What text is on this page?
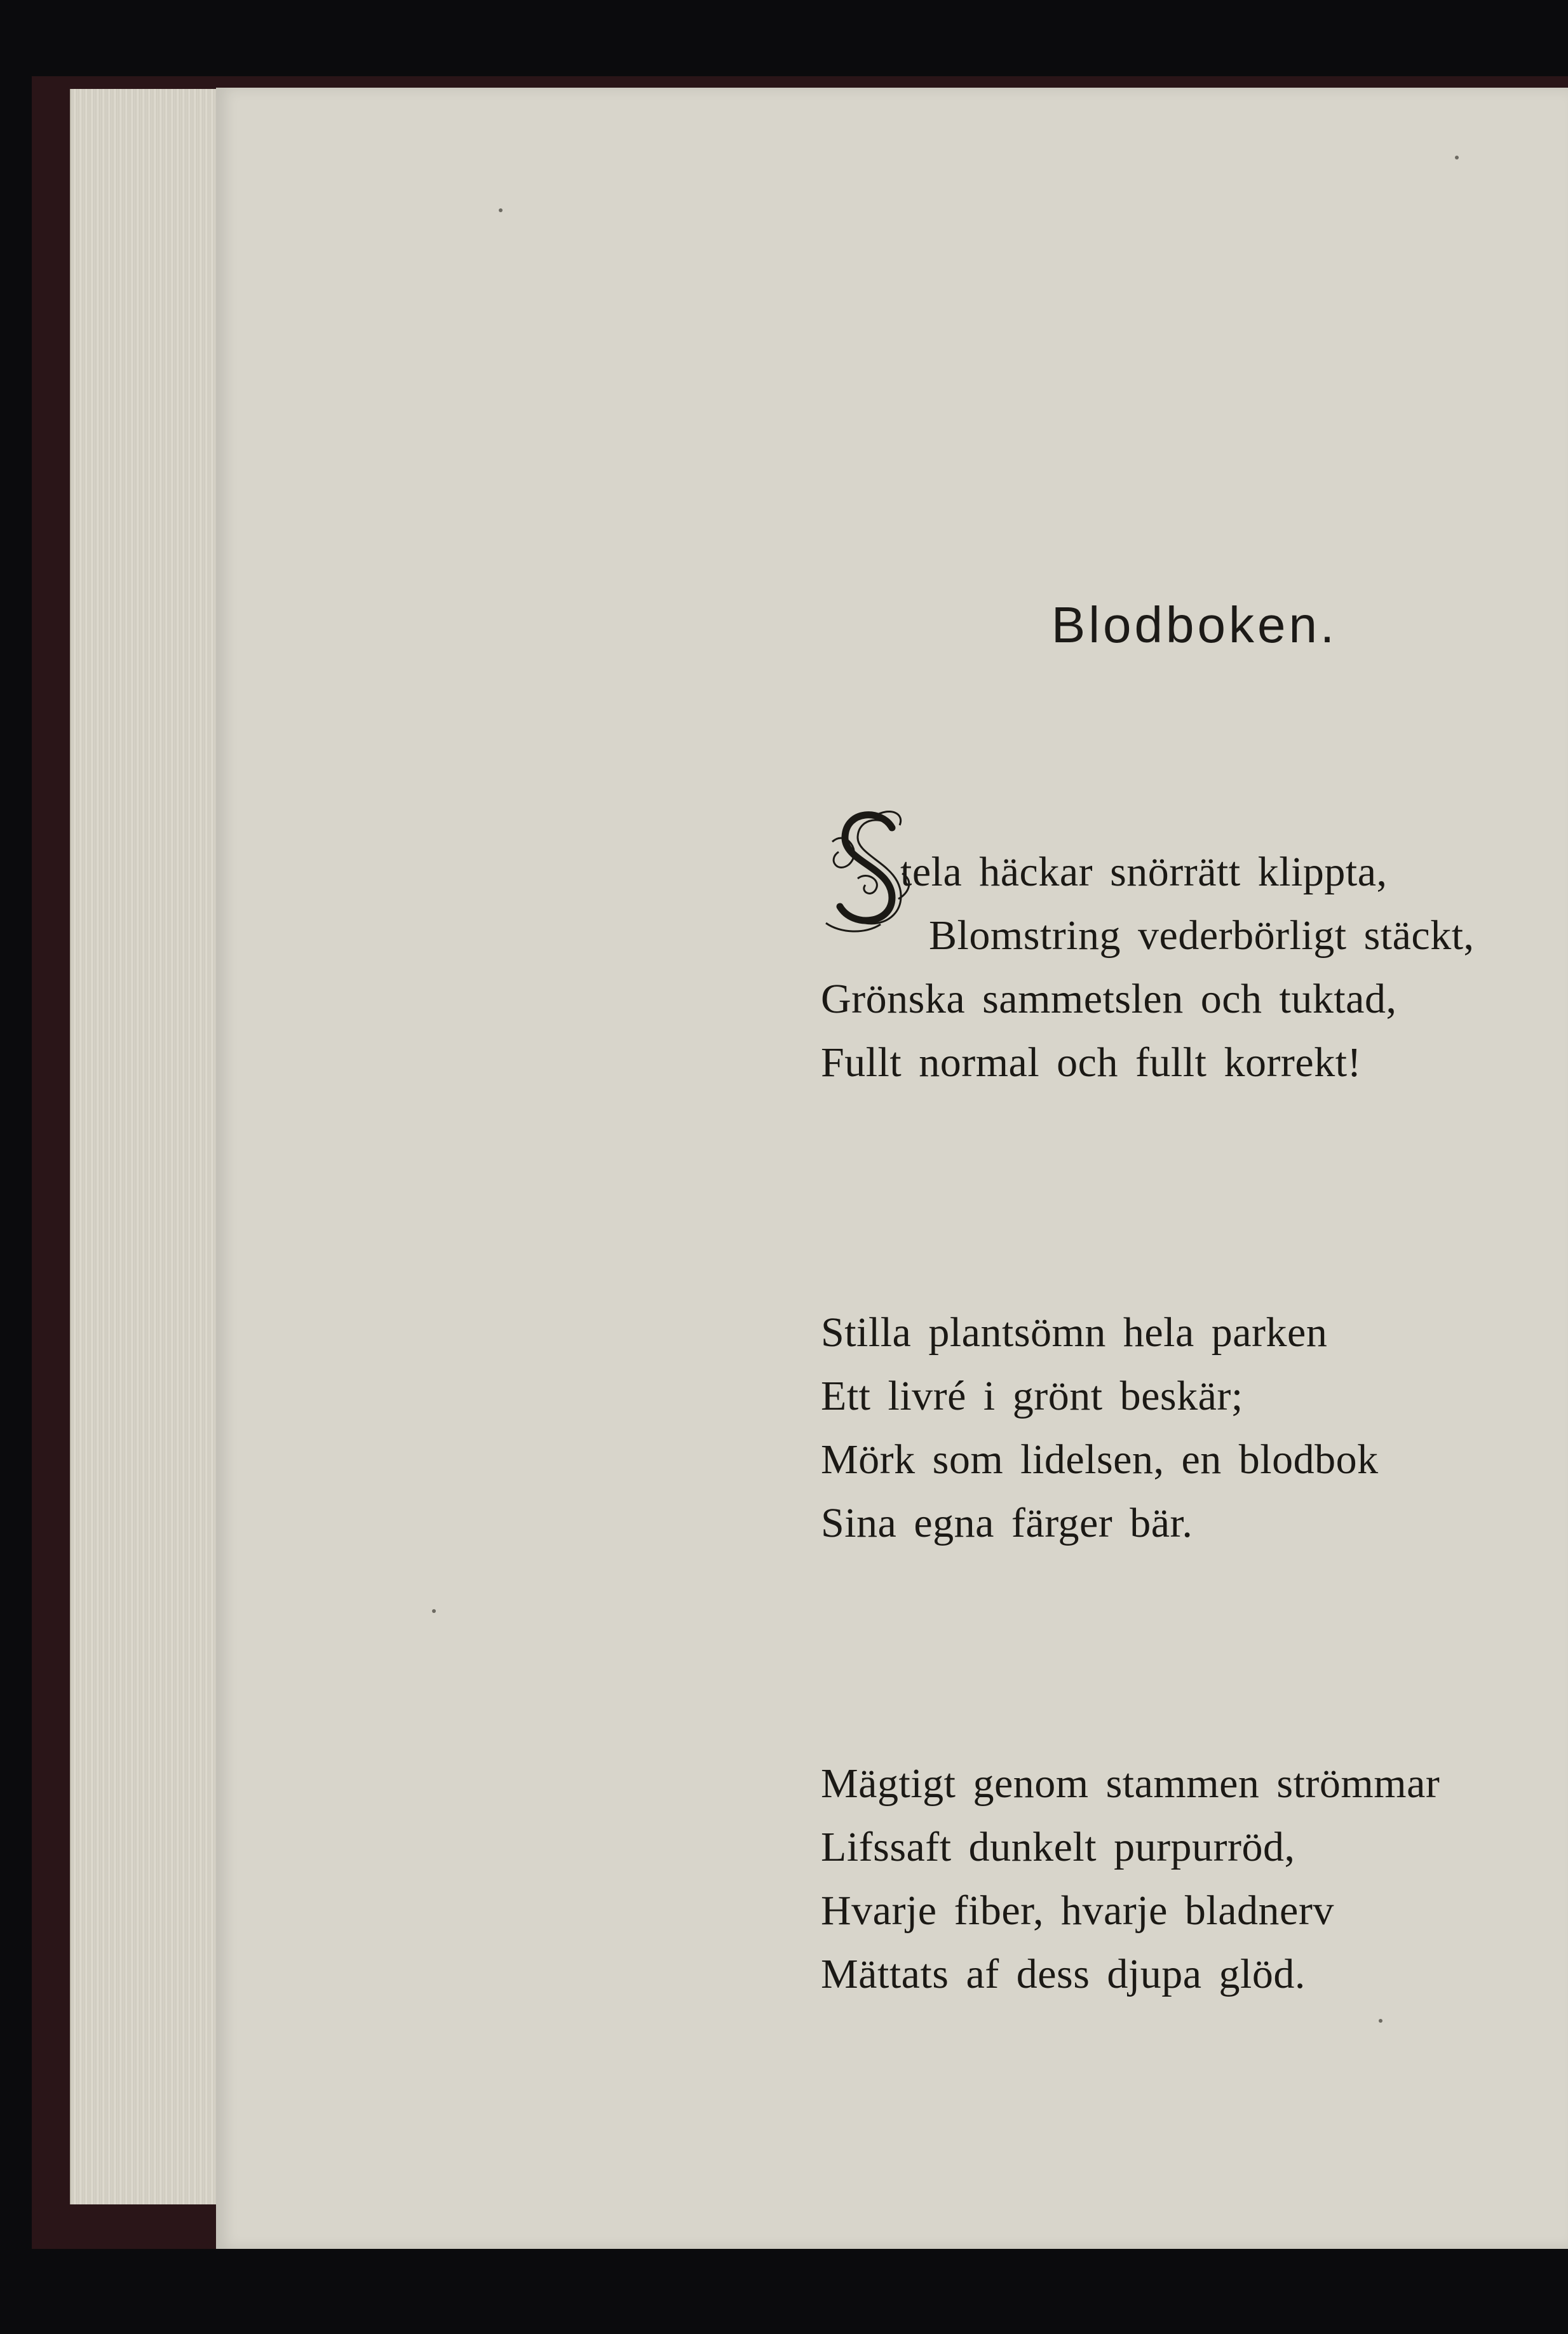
Blodboken.
tela häckar snörrätt klippta,
Blomstring vederbörligt stäckt,
Grönska sammetslen och tuktad,
Fullt normal och fullt korrekt!
Stilla plantsömn hela parken
Ett livré i grönt beskär;
Mörk som lidelsen, en blodbok
Sina egna färger bär.
Mägtigt genom stammen strömmar
Lifssaft dunkelt purpurröd,
Hvarje fiber, hvarje bladnerv
Mättats af dess djupa glöd.
